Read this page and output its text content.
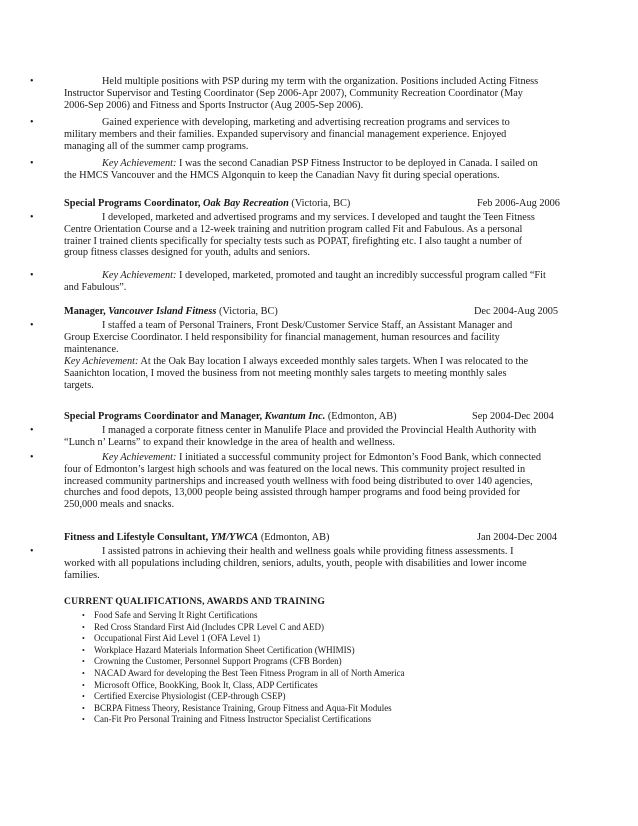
•	Held multiple positions with PSP during my term with the organization. Positions included Acting Fitness
Instructor Supervisor and Testing Coordinator (Sep 2006-Apr 2007), Community Recreation Coordinator (May
2006-Sep 2006) and Fitness and Sports Instructor (Aug 2005-Sep 2006).
•	Gained experience with developing, marketing and advertising recreation programs and services to
military members and their families. Expanded supervisory and financial management experience. Enjoyed
managing all of the summer camp programs.
•	Key Achievement: I was the second Canadian PSP Fitness Instructor to be deployed in Canada. I sailed on
the HMCS Vancouver and the HMCS Algonquin to keep the Canadian Navy fit during special operations.
Special Programs Coordinator, Oak Bay Recreation (Victoria, BC)	Feb 2006-Aug 2006
•	I developed, marketed and advertised programs and my services. I developed and taught the Teen Fitness
Centre Orientation Course and a 12-week training and nutrition program called Fit and Fabulous. As a personal
trainer I trained clients specifically for specialty tests such as POPAT, firefighting etc. I also taught a number of
group fitness classes designed for youth, adults and seniors.
•	Key Achievement: I developed, marketed, promoted and taught an incredibly successful program called “Fit
and Fabulous”.
Manager, Vancouver Island Fitness (Victoria, BC)	Dec 2004-Aug 2005
•	I staffed a team of Personal Trainers, Front Desk/Customer Service Staff, an Assistant Manager and
Group Exercise Coordinator. I held responsibility for financial management, human resources and facility
maintenance.
Key Achievement: At the Oak Bay location I always exceeded monthly sales targets. When I was relocated to the
Saanichton location, I moved the business from not meeting monthly sales targets to meeting monthly sales
targets.
Special Programs Coordinator and Manager, Kwantum Inc. (Edmonton, AB)	Sep 2004-Dec 2004
•	I managed a corporate fitness center in Manulife Place and provided the Provincial Health Authority with
“Lunch n’ Learns” to expand their knowledge in the area of health and wellness.
•	Key Achievement: I initiated a successful community project for Edmonton’s Food Bank, which connected
four of Edmonton’s largest high schools and was featured on the local news. This community project resulted in
increased community partnerships and increased youth wellness with food being distributed to over 140 agencies,
churches and food depots, 13,000 people being assisted through hamper programs and food being provided for
250,000 meals and snacks.
Fitness and Lifestyle Consultant, YM/YWCA (Edmonton, AB)	Jan 2004-Dec 2004
•	I assisted patrons in achieving their health and wellness goals while providing fitness assessments. I
worked with all populations including children, seniors, adults, youth, people with disabilities and lower income
families.
CURRENT QUALIFICATIONS, AWARDS AND TRAINING
• Food Safe and Serving It Right Certifications
• Red Cross Standard First Aid (Includes CPR Level C and AED)
• Occupational First Aid Level 1 (OFA Level 1)
• Workplace Hazard Materials Information Sheet Certification (WHIMIS)
• Crowning the Customer, Personnel Support Programs (CFB Borden)
• NACAD Award for developing the Best Teen Fitness Program in all of North America
• Microsoft Office, BookKing, Book It, Class, ADP Certificates
• Certified Exercise Physiologist (CEP-through CSEP)
• BCRPA Fitness Theory, Resistance Training, Group Fitness and Aqua-Fit Modules
• Can-Fit Pro Personal Training and Fitness Instructor Specialist Certifications
